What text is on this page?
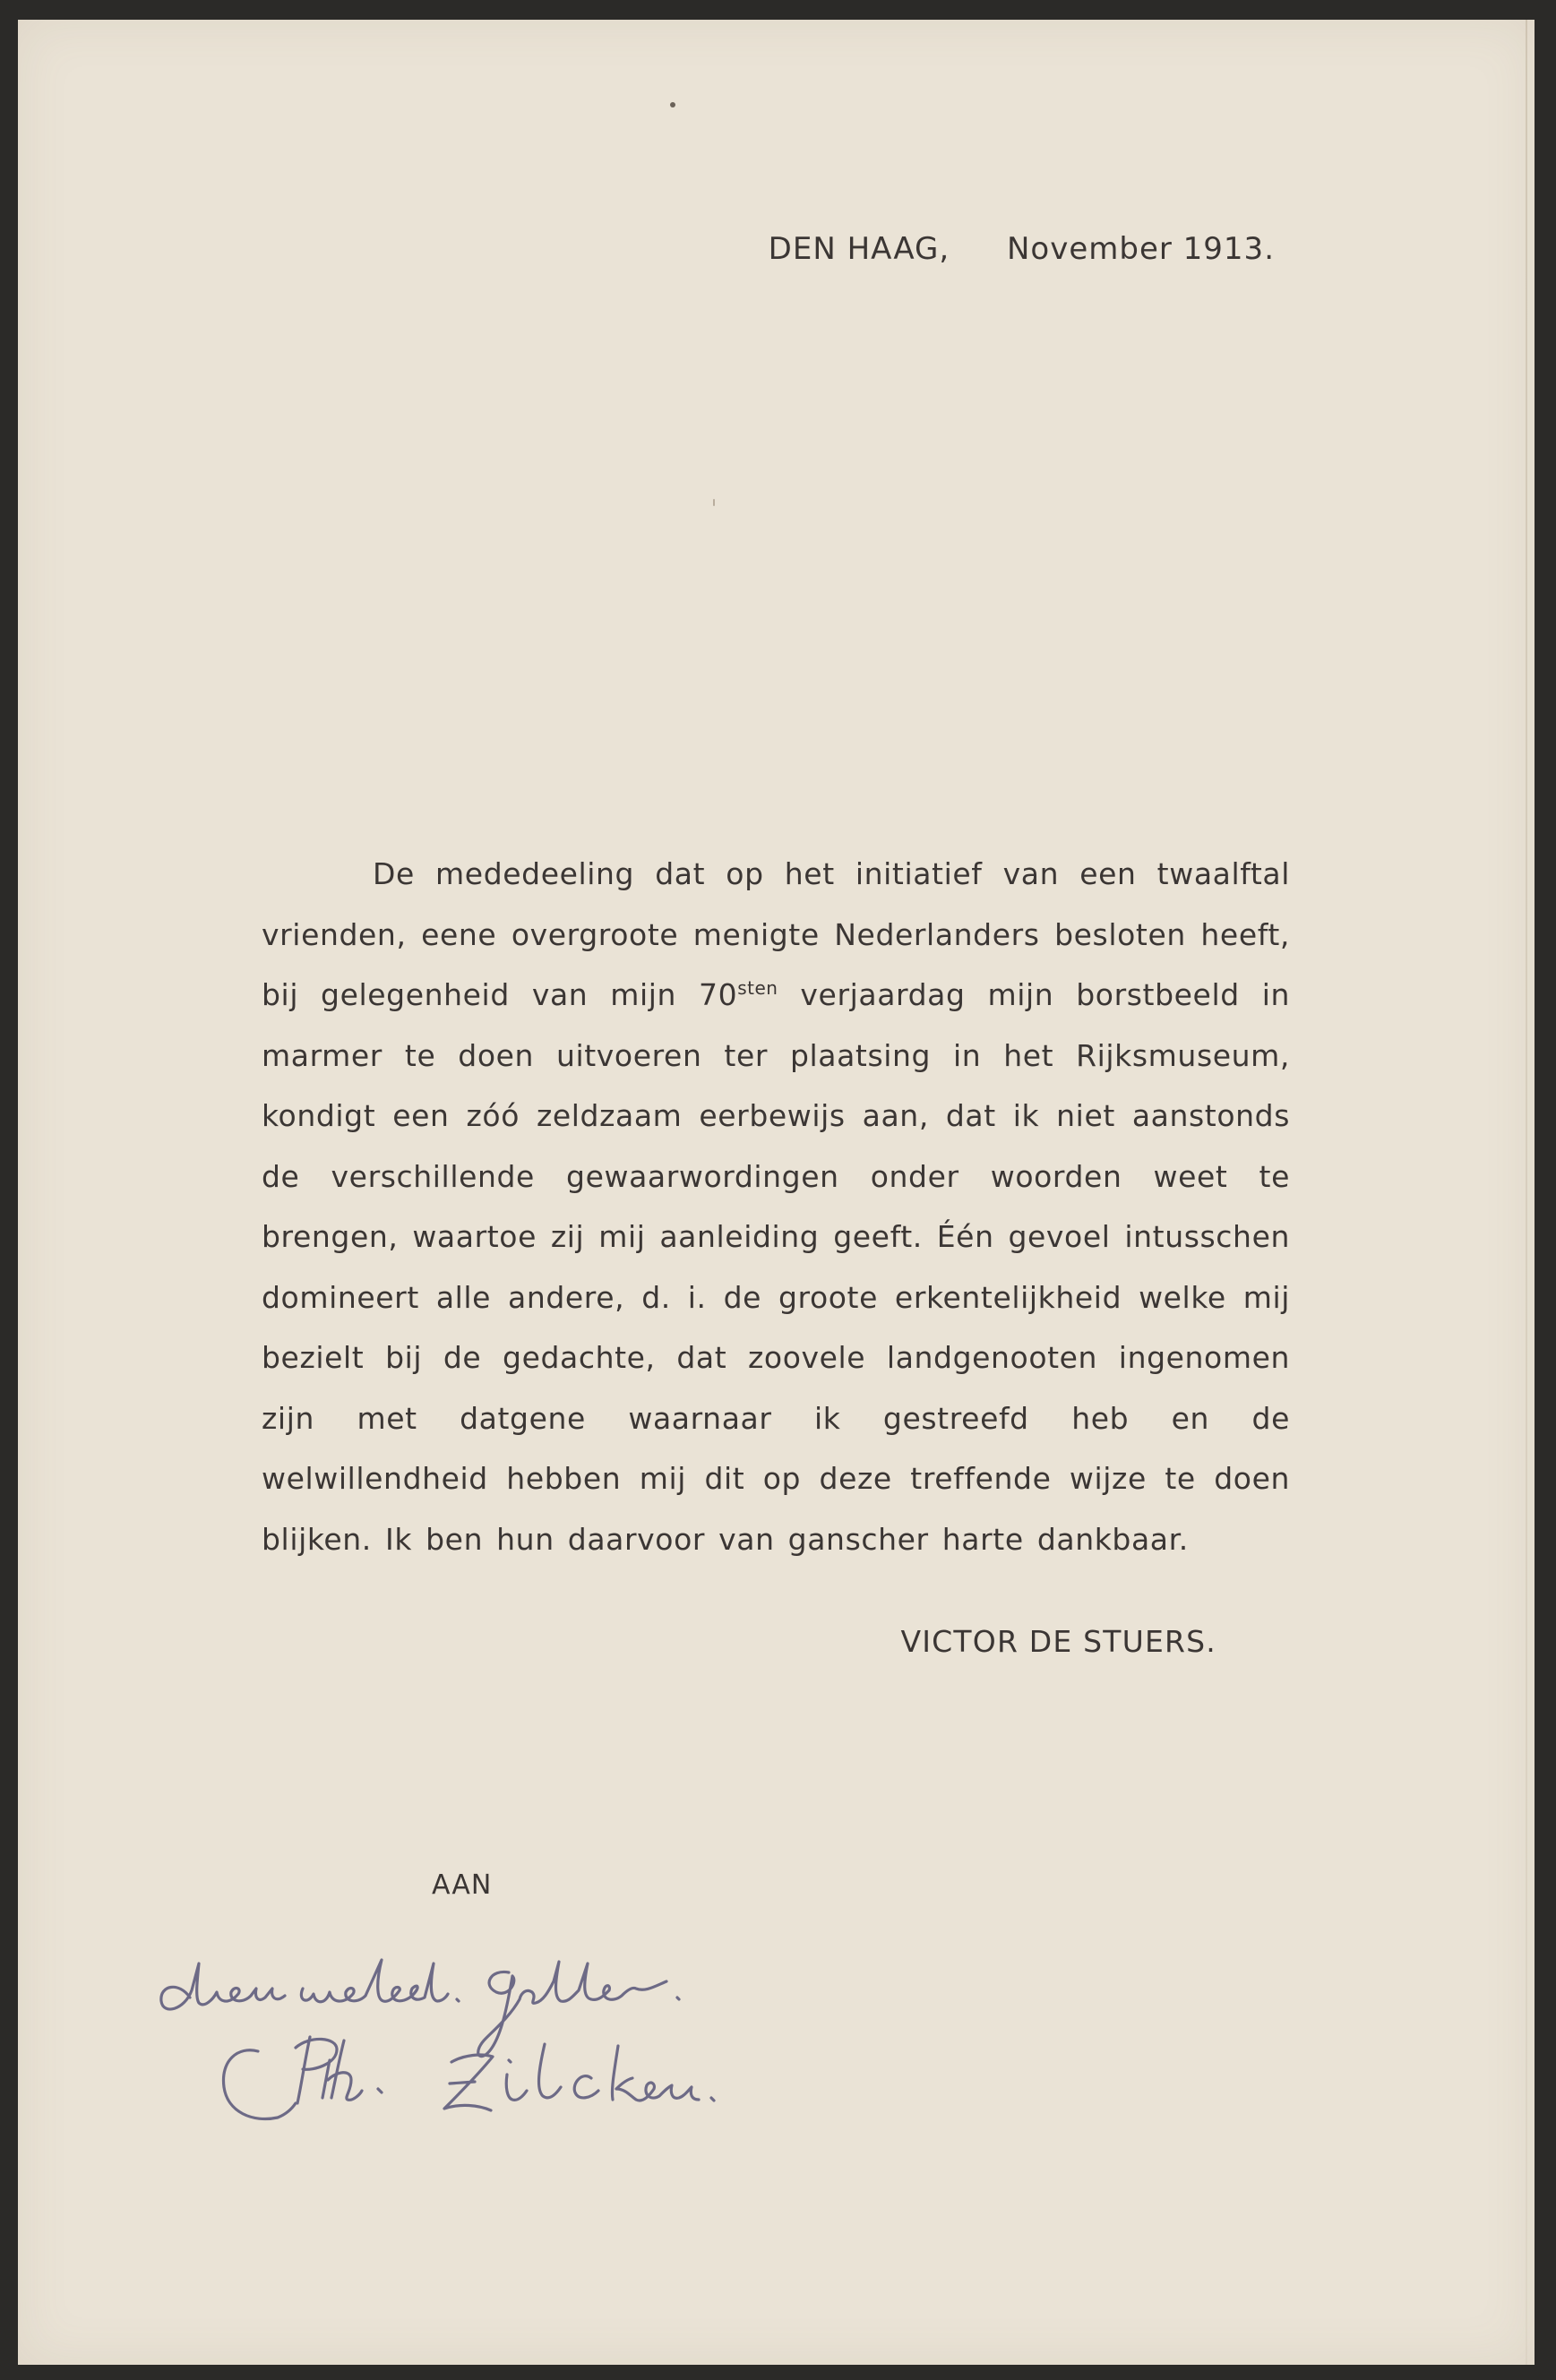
DEN HAAG, November 1913.

De mededeeling dat op het initiatief van een twaalftal vrienden, eene overgroote menigte Nederlanders besloten heeft, bij gelegenheid van mijn $70^{sten}$ verjaardag mijn borstbeeld in marmer te doen uitvoeren ter plaatsing in het Rijksmuseum, kondigt een zóó zeldzaam eerbewijs aan, dat ik niet aanstonds de verschillende gewaarwordingen onder woorden weet te brengen, waartoe zij mij aanleiding geeft. Één gevoel intusschen domineert alle andere, d. i. de groote erkentelijkheid welke mij bezielt bij de gedachte, dat zoovele landgenooten ingenomen zijn met datgene waarnaar ik gestreefd heb en de welwillendheid hebben mij dit op deze treffende wijze te doen blijken. Ik ben hun daarvoor van ganscher harte dankbaar.

VICTOR DE STUERS.
AAN
